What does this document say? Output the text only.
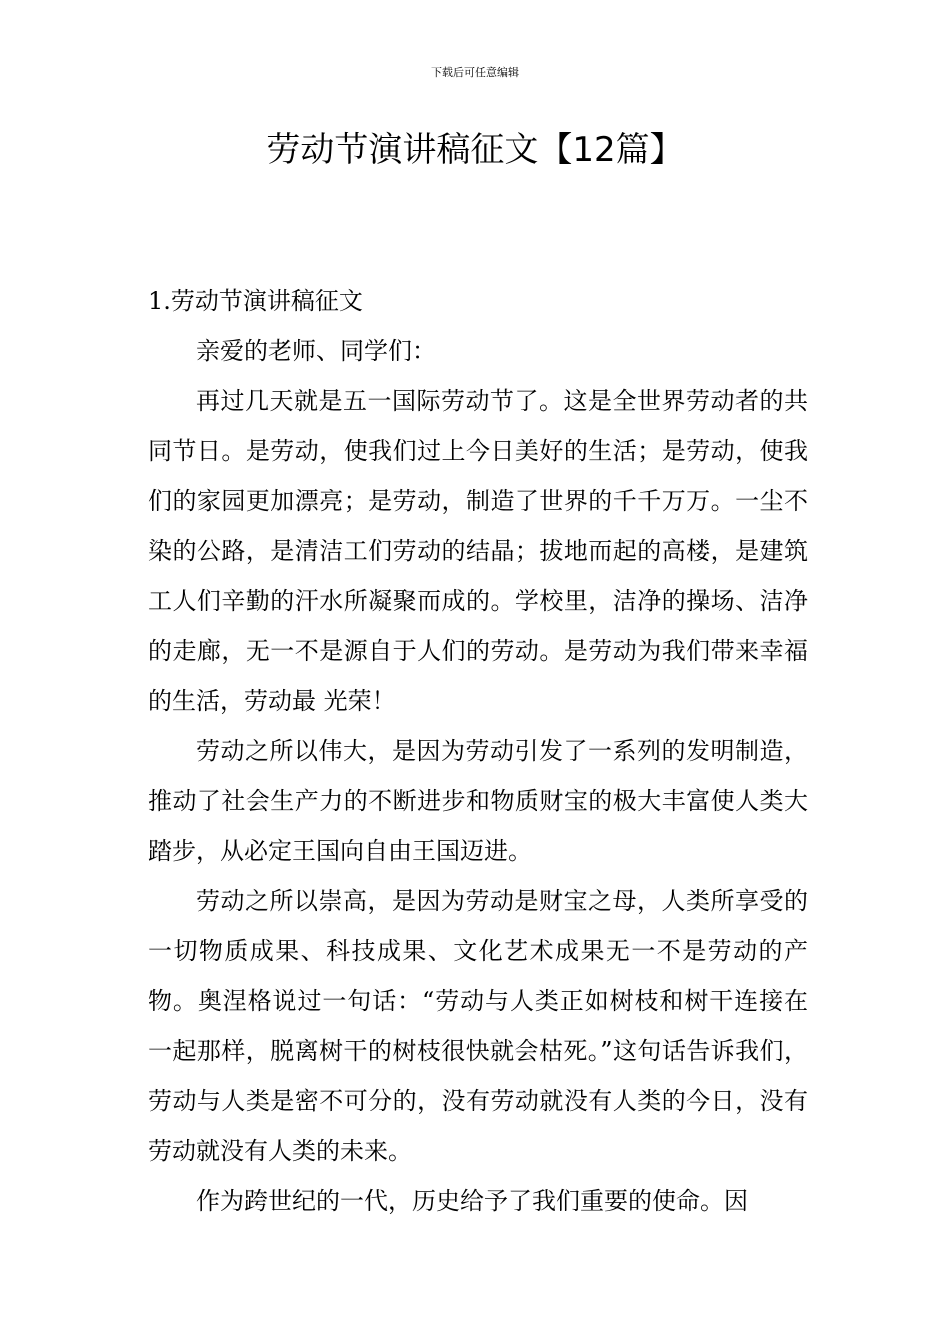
下载后可任意编辑
劳动节演讲稿征文【12篇】

1.劳动节演讲稿征文

亲爱的老师、同学们：

再过几天就是五一国际劳动节了。这是全世界劳动者的共同节日。是劳动，使我们过上今日美好的生活；是劳动，使我们的家园更加漂亮；是劳动，制造了世界的千千万万。一尘不染的公路，是清洁工们劳动的结晶；拔地而起的高楼，是建筑工人们辛勤的汗水所凝聚而成的。学校里，洁净的操场、洁净的走廊，无一不是源自于人们的劳动。是劳动为我们带来幸福的生活，劳动最 光荣！

劳动之所以伟大，是因为劳动引发了一系列的发明制造，推动了社会生产力的不断进步和物质财宝的极大丰富使人类大踏步，从必定王国向自由王国迈进。

劳动之所以崇高，是因为劳动是财宝之母，人类所享受的一切物质成果、科技成果、文化艺术成果无一不是劳动的产物。奥涅格说过一句话：“劳动与人类正如树枝和树干连接在一起那样，脱离树干的树枝很快就会枯死。”这句话告诉我们，劳动与人类是密不可分的，没有劳动就没有人类的今日，没有劳动就没有人类的未来。

作为跨世纪的一代，历史给予了我们重要的使命。因
